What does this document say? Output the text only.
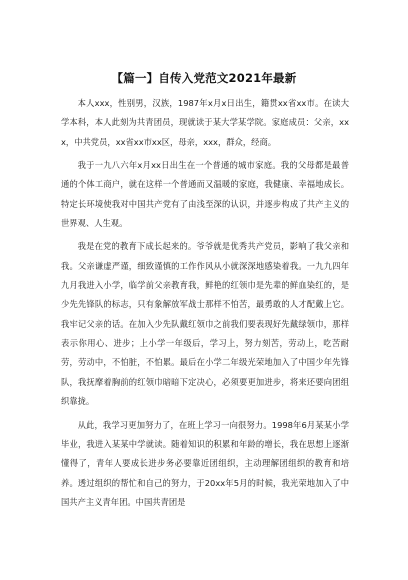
【篇一】自传入党范文2021年最新

本人xxx，性别男，汉族，1987年x月x日出生，籍贯xx省xx市。在读大学本科，本人此刻为共青团员，现就读于某大学某学院。家庭成员：父亲，xxx，中共党员，xx省xx市xx区，母亲，xxx，群众，经商。

我于一九八六年x月xx日出生在一个普通的城市家庭。我的父母都是最普通的个体工商户，就在这样一个普通而又温暖的家庭，我健康、幸福地成长。特定长环境使我对中国共产党有了由浅至深的认识，并逐步构成了共产主义的世界观、人生观。

我是在党的教育下成长起来的。爷爷就是优秀共产党员，影响了我父亲和我。父亲谦虚严谨，细致谨慎的工作作风从小就深深地感染着我。一九九四年九月我进入小学，临学前父亲教育我，鲜艳的红领巾是先辈的鲜血染红的，是少先先锋队的标志，只有象解放军战士那样不怕苦，最勇敢的人才配戴上它。我牢记父亲的话。在加入少先队戴红领巾之前我们要表现好先戴绿领巾，那样表示你用心、进步；上小学一年级后，学习上，努力刻苦，劳动上，吃苦耐劳，劳动中，不怕脏，不怕累。最后在小学二年级光荣地加入了中国少年先锋队，我抚摩着胸前的红领巾暗暗下定决心，必须要更加进步，将来还要向团组织靠拢。

从此，我学习更加努力了，在班上学习一向很努力。1998年6月某某小学毕业，我进入某某中学就读。随着知识的积累和年龄的增长，我在思想上逐渐懂得了，青年人要成长进步务必要靠近团组织，主动理解团组织的教育和培养。透过组织的帮忙和自己的努力，于20xx年5月的时候，我光荣地加入了中国共产主义青年团。中国共青团是
